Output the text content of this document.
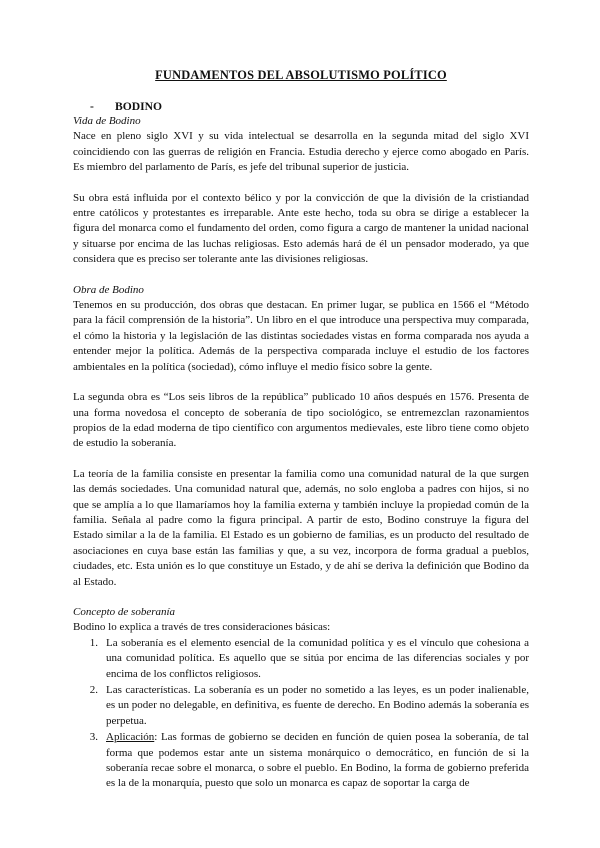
FUNDAMENTOS DEL ABSOLUTISMO POLÍTICO
-	BODINO
Vida de Bodino

Nace en pleno siglo XVI y su vida intelectual se desarrolla en la segunda mitad del siglo XVI coincidiendo con las guerras de religión en Francia. Estudia derecho y ejerce como abogado en París. Es miembro del parlamento de París, es jefe del tribunal superior de justicia.

Su obra está influida por el contexto bélico y por la convicción de que la división de la cristiandad entre católicos y protestantes es irreparable. Ante este hecho, toda su obra se dirige a establecer la figura del monarca como el fundamento del orden, como figura a cargo de mantener la unidad nacional y situarse por encima de las luchas religiosas. Esto además hará de él un pensador moderado, ya que considera que es preciso ser tolerante ante las divisiones religiosas.

Obra de Bodino

Tenemos en su producción, dos obras que destacan. En primer lugar, se publica en 1566 el “Método para la fácil comprensión de la historia”. Un libro en el que introduce una perspectiva muy comparada, el cómo la historia y la legislación de las distintas sociedades vistas en forma comparada nos ayuda a entender mejor la política. Además de la perspectiva comparada incluye el estudio de los factores ambientales en la política (sociedad), cómo influye el medio físico sobre la gente.

La segunda obra es “Los seis libros de la república” publicado 10 años después en 1576. Presenta de una forma novedosa el concepto de soberanía de tipo sociológico, se entremezclan razonamientos propios de la edad moderna de tipo científico con argumentos medievales, este libro tiene como objeto de estudio la soberanía.

La teoría de la familia consiste en presentar la familia como una comunidad natural de la que surgen las demás sociedades. Una comunidad natural que, además, no solo engloba a padres con hijos, si no que se amplía a lo que llamaríamos hoy la familia externa y también incluye la propiedad común de la familia. Señala al padre como la figura principal. A partir de esto, Bodino construye la figura del Estado similar a la de la familia. El Estado es un gobierno de familias, es un producto del resultado de asociaciones en cuya base están las familias y que, a su vez, incorpora de forma gradual a pueblos, ciudades, etc. Esta unión es lo que constituye un Estado, y de ahí se deriva la definición que Bodino da al Estado.

Concepto de soberanía

Bodino lo explica a través de tres consideraciones básicas:

1. La soberanía es el elemento esencial de la comunidad política y es el vínculo que cohesiona a una comunidad política. Es aquello que se sitúa por encima de las diferencias sociales y por encima de los conflictos religiosos.
2. Las características. La soberanía es un poder no sometido a las leyes, es un poder inalienable, es un poder no delegable, en definitiva, es fuente de derecho. En Bodino además la soberanía es perpetua.
3. Aplicación: Las formas de gobierno se deciden en función de quien posea la soberanía, de tal forma que podemos estar ante un sistema monárquico o democrático, en función de si la soberanía recae sobre el monarca, o sobre el pueblo. En Bodino, la forma de gobierno preferida es la de la monarquía, puesto que solo un monarca es capaz de soportar la carga de
